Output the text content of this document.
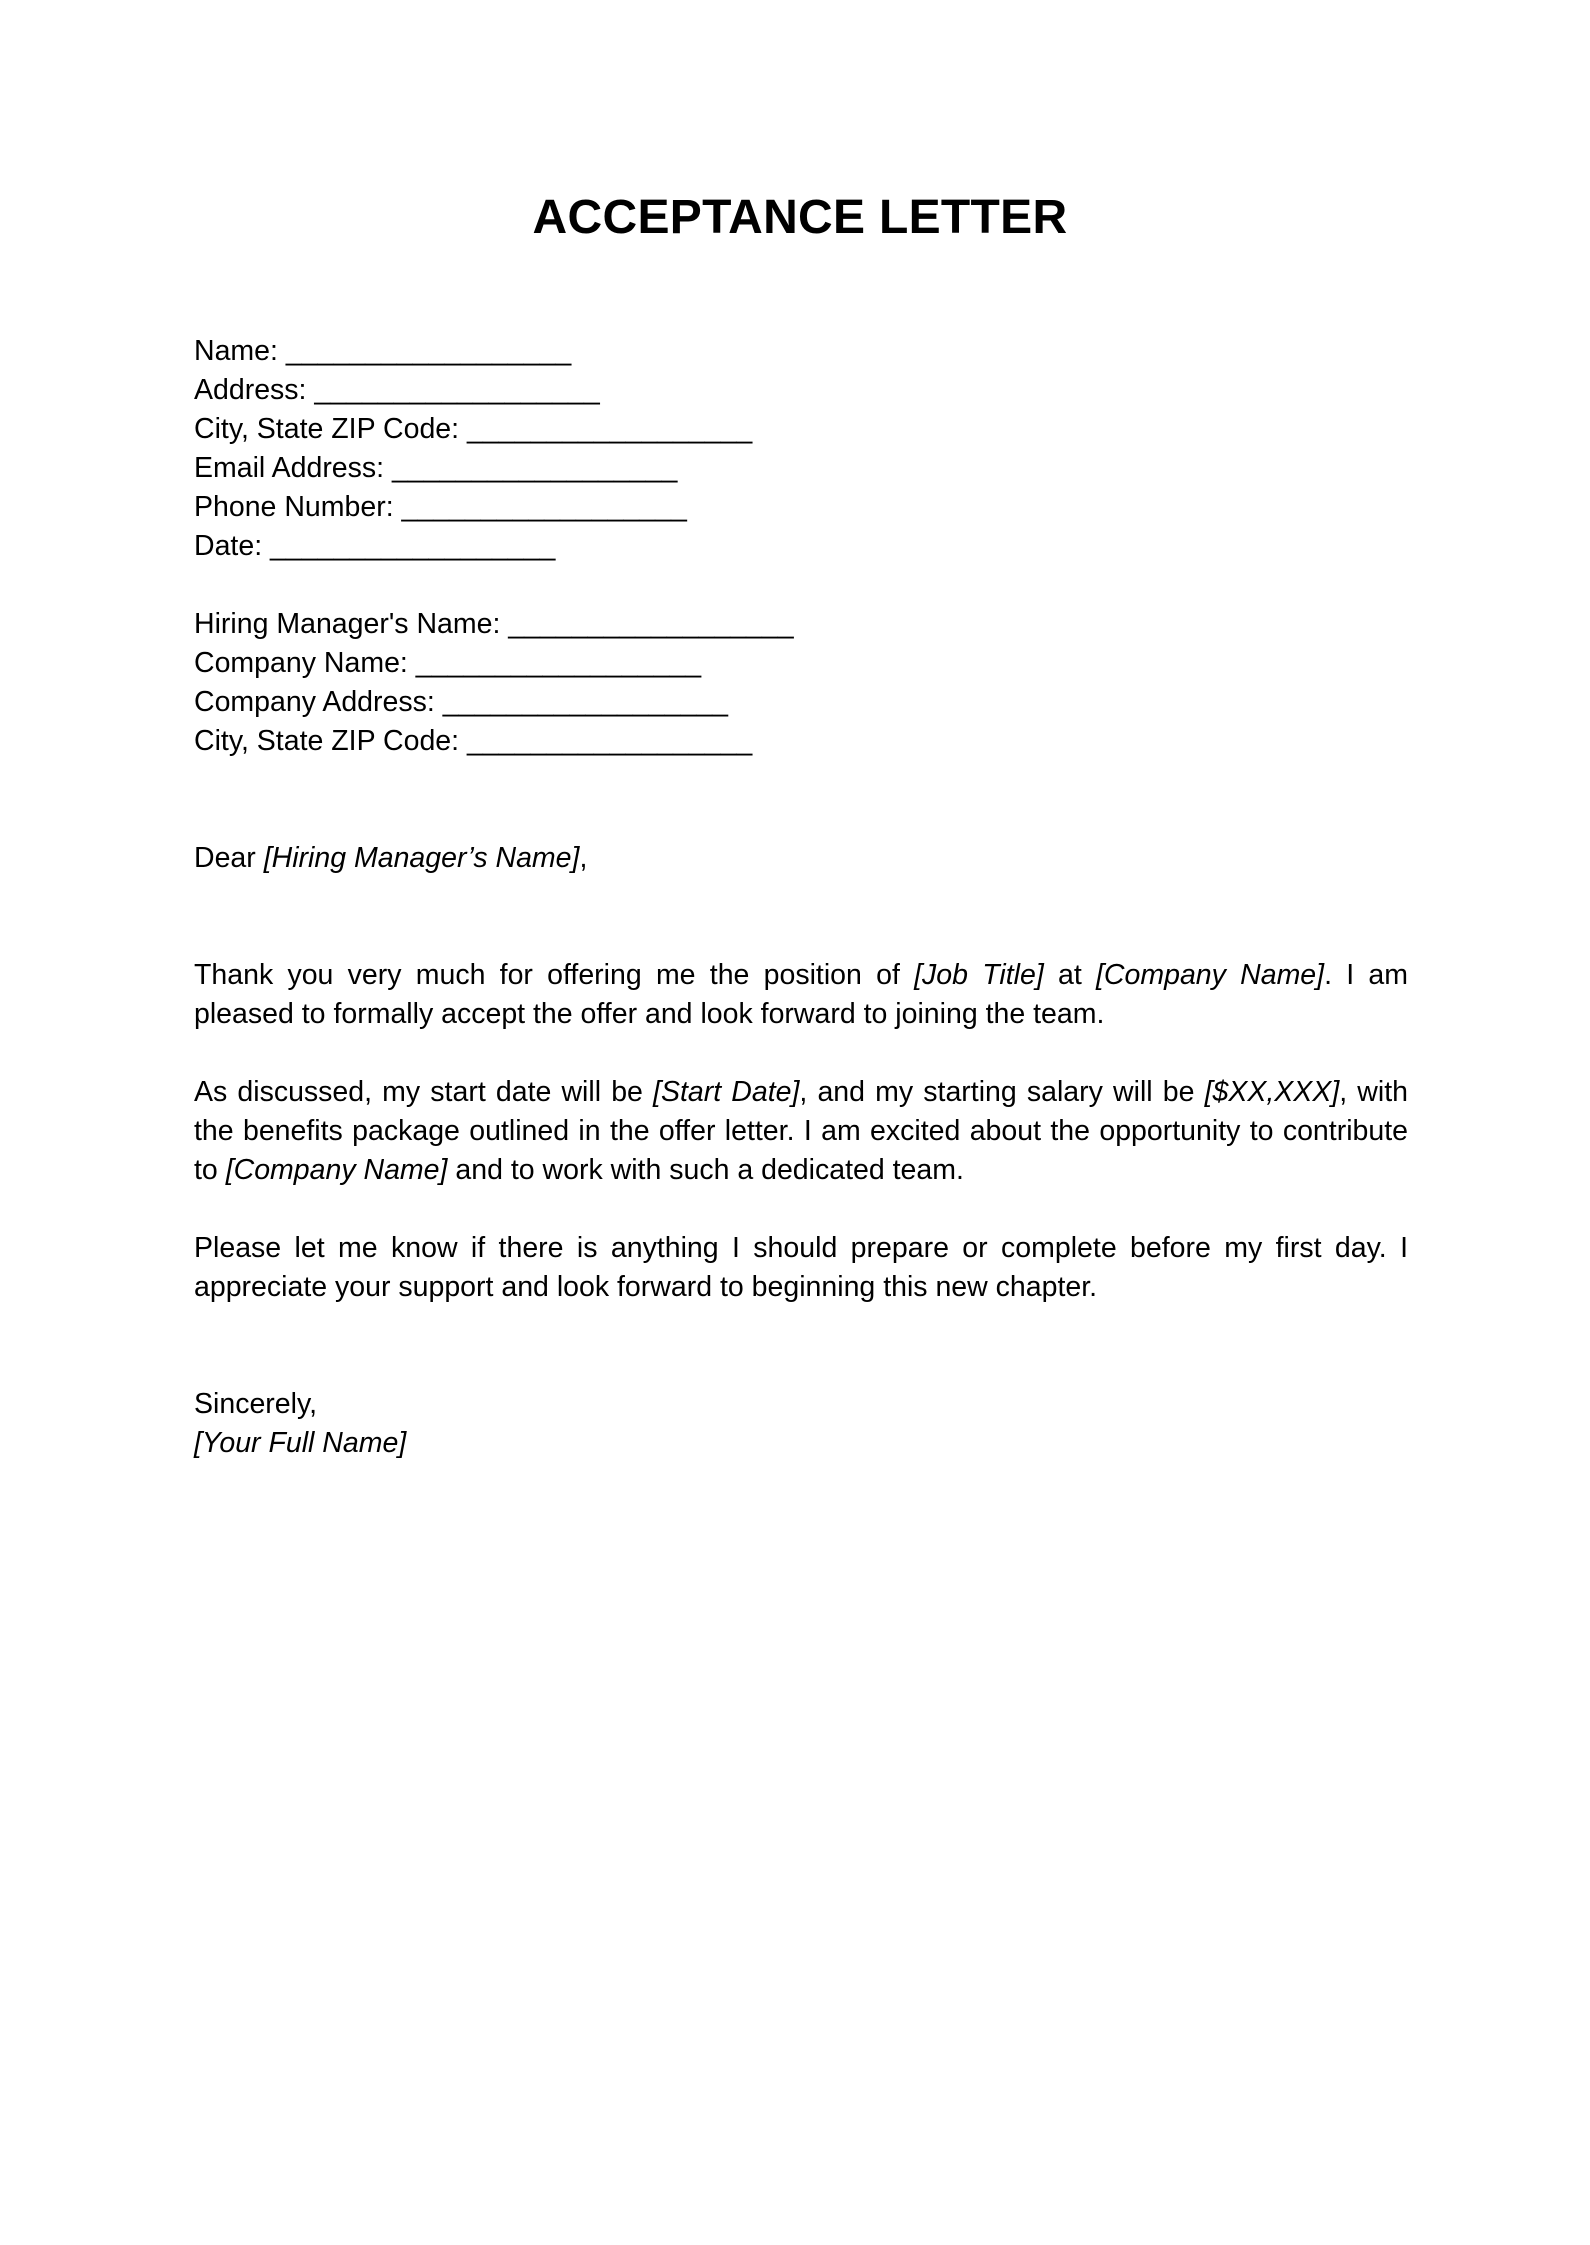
ACCEPTANCE LETTER
Name: __________________
Address: __________________
City, State ZIP Code: __________________
Email Address: __________________
Phone Number: __________________
Date: __________________
Hiring Manager's Name: __________________
Company Name: __________________
Company Address: __________________
City, State ZIP Code: __________________
Dear [Hiring Manager’s Name],

Thank you very much for offering me the position of [Job Title] at [Company Name]. I am pleased to formally accept the offer and look forward to joining the team.

As discussed, my start date will be [Start Date], and my starting salary will be [$XX,XXX], with the benefits package outlined in the offer letter. I am excited about the opportunity to contribute to [Company Name] and to work with such a dedicated team.

Please let me know if there is anything I should prepare or complete before my first day. I appreciate your support and look forward to beginning this new chapter.

Sincerely,
[Your Full Name]
